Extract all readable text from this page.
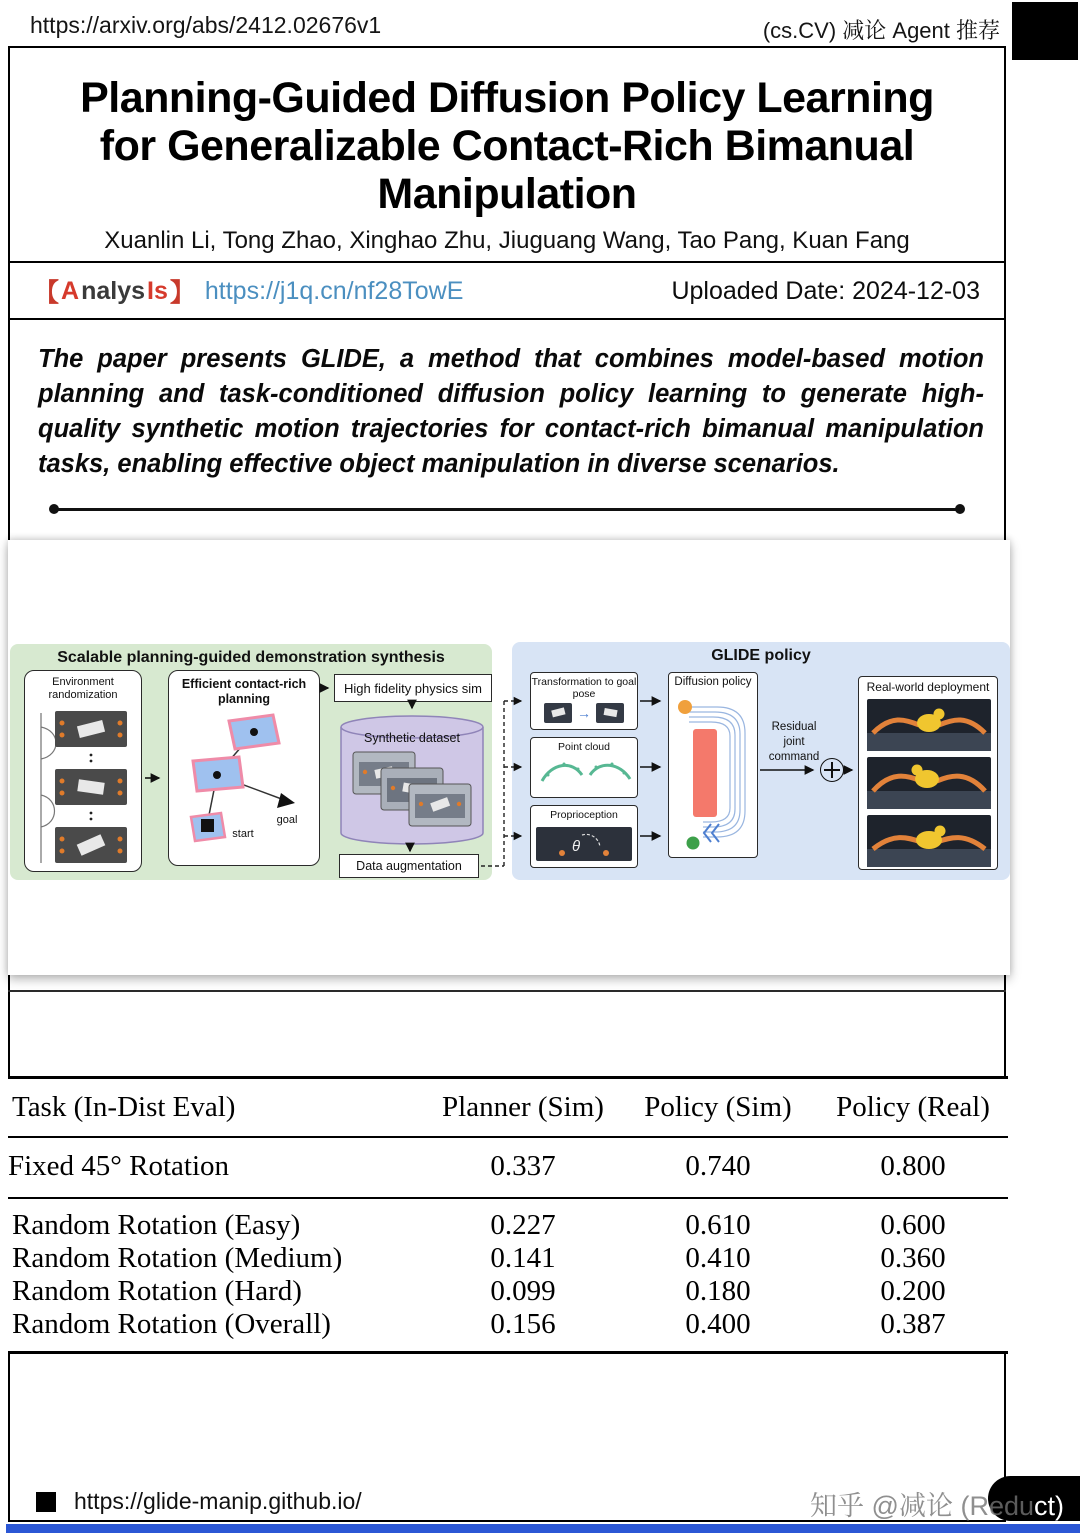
https://arxiv.org/abs/2412.02676v1	(cs.CV) 减论 Agent 推荐
Planning-Guided Diffusion Policy Learning
for Generalizable Contact-Rich Bimanual
Manipulation
Xuanlin Li, Tong Zhao, Xinghao Zhu, Jiuguang Wang, Tao Pang, Kuan Fang
【 A nalys Is 】 https://j1q.cn/nf28TowE	Uploaded Date: 2024-12-03
The paper presents GLIDE, a method that combines model-based motion planning and task-conditioned diffusion policy learning to generate high-quality synthetic motion trajectories for contact-rich bimanual manipulation tasks, enabling effective object manipulation in diverse scenarios.
Scalable planning-guided demonstration synthesis
Environment randomization
Efficient contact-rich planning
goal
start
High fidelity physics sim
Synthetic dataset
Data augmentation
GLIDE policy
Transformation to goal pose
→
Point cloud
Proprioception
θ
Diffusion policy
Residual joint command
Real-world deployment
Task (In-Dist Eval)	Planner (Sim)	Policy (Sim)	Policy (Real)
Fixed 45° Rotation	0.337	0.740	0.800
Random Rotation (Easy)	0.227	0.610	0.600
Random Rotation (Medium)	0.141	0.410	0.360
Random Rotation (Hard)	0.099	0.180	0.200
Random Rotation (Overall)	0.156	0.400	0.387
https://glide-manip.github.io/	知乎 @减论 (Reduct)
